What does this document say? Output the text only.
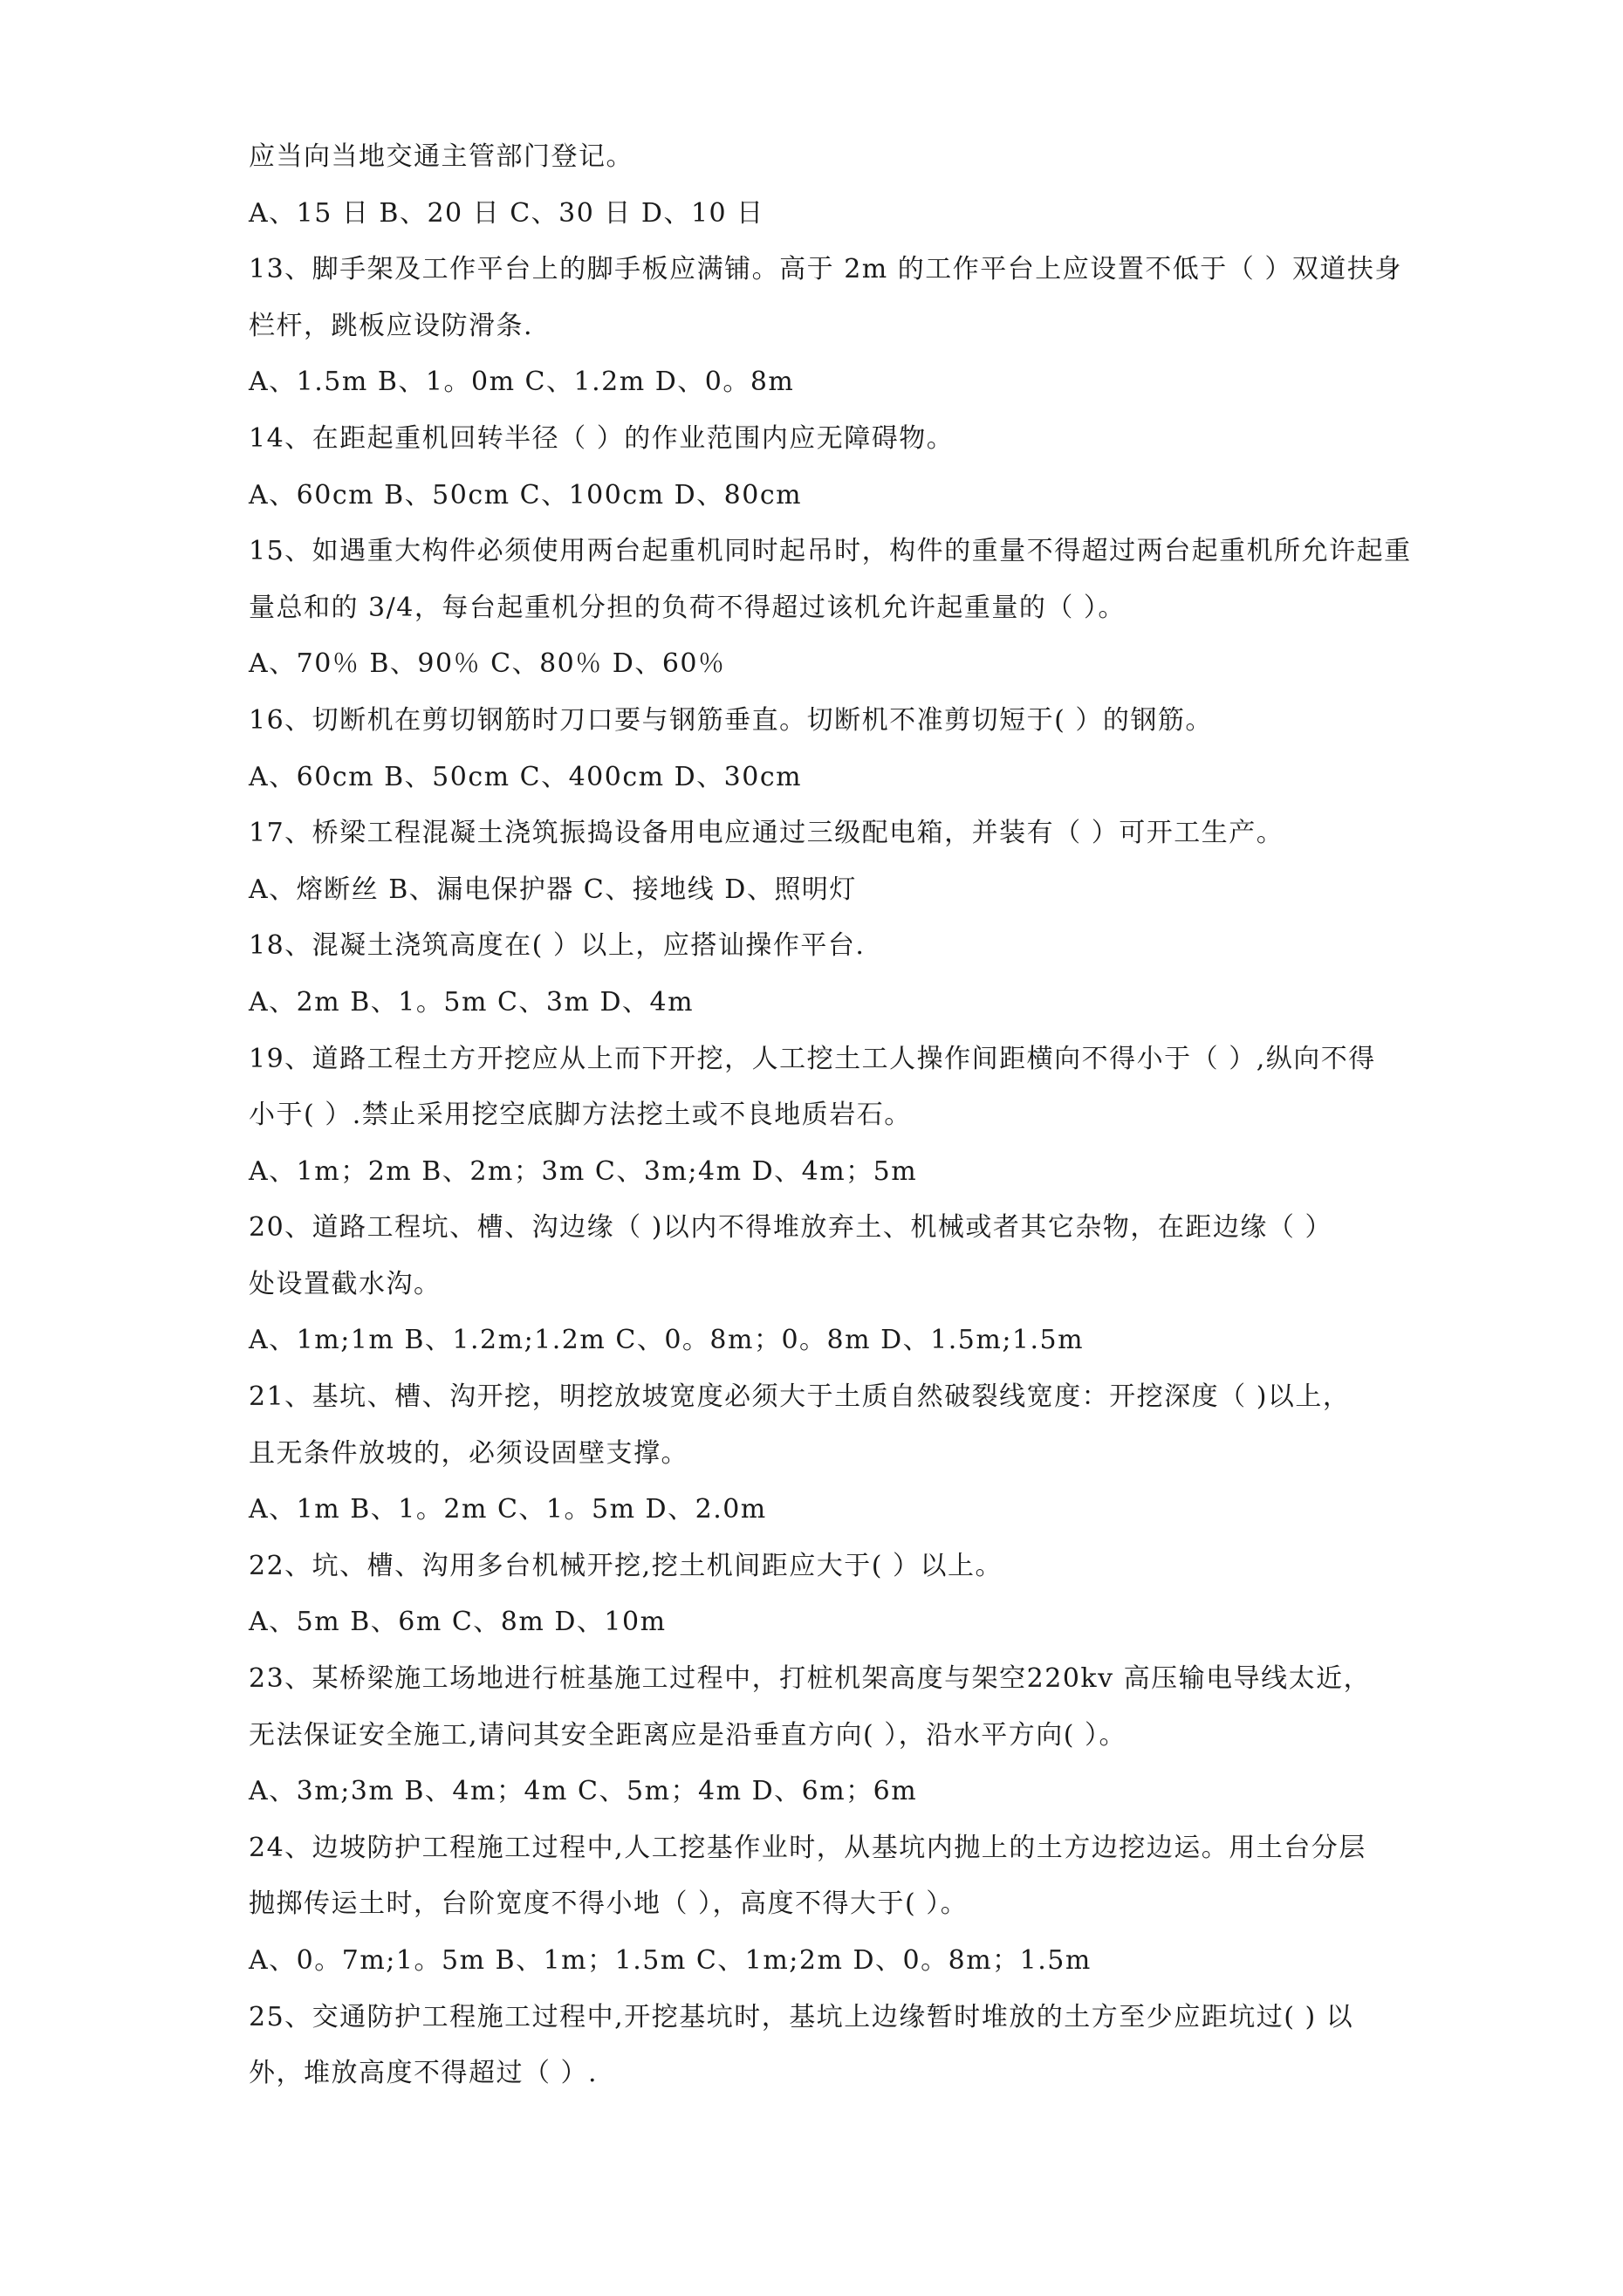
应当向当地交通主管部门登记。
A、15 日 B、20 日 C、30 日 D、10 日
13、脚手架及工作平台上的脚手板应满铺。高于 2m 的工作平台上应设置不低于（ ）双道扶身
栏杆，跳板应设防滑条.
A、1.5m B、1。0m C、1.2m D、0。8m
14、在距起重机回转半径（ ）的作业范围内应无障碍物。
A、60cm B、50cm C、100cm D、80cm
15、如遇重大构件必须使用两台起重机同时起吊时，构件的重量不得超过两台起重机所允许起重
量总和的 3/4，每台起重机分担的负荷不得超过该机允许起重量的（ ）。
A、70％ B、90％ C、80％ D、60％
16、切断机在剪切钢筋时刀口要与钢筋垂直。切断机不准剪切短于( ）的钢筋。
A、60cm B、50cm C、400cm D、30cm
17、桥梁工程混凝土浇筑振捣设备用电应通过三级配电箱，并装有（ ）可开工生产。
A、熔断丝 B、漏电保护器 C、接地线 D、照明灯
18、混凝土浇筑高度在( ）以上，应搭讪操作平台.
A、2m B、1。5m C、3m D、4m
19、道路工程土方开挖应从上而下开挖，人工挖土工人操作间距横向不得小于（ ）,纵向不得
小于( ）.禁止采用挖空底脚方法挖土或不良地质岩石。
A、1m；2m B、2m；3m C、3m;4m D、4m；5m
20、道路工程坑、槽、沟边缘（ )以内不得堆放弃土、机械或者其它杂物，在距边缘（ ）
处设置截水沟。
A、1m;1m B、1.2m;1.2m C、0。8m；0。8m D、1.5m;1.5m
21、基坑、槽、沟开挖，明挖放坡宽度必须大于土质自然破裂线宽度：开挖深度（ )以上，
且无条件放坡的，必须设固壁支撑。
A、1m B、1。2m C、1。5m D、2.0m
22、坑、槽、沟用多台机械开挖,挖土机间距应大于( ）以上。
A、5m B、6m C、8m D、10m
23、某桥梁施工场地进行桩基施工过程中，打桩机架高度与架空220kv 高压输电导线太近，
无法保证安全施工,请问其安全距离应是沿垂直方向( ），沿水平方向( ）。
A、3m;3m B、4m；4m C、5m；4m D、6m；6m
24、边坡防护工程施工过程中,人工挖基作业时，从基坑内抛上的土方边挖边运。用土台分层
抛掷传运土时，台阶宽度不得小地（ ），高度不得大于( ）。
A、0。7m;1。5m B、1m；1.5m C、1m;2m D、0。8m；1.5m
25、交通防护工程施工过程中,开挖基坑时，基坑上边缘暂时堆放的土方至少应距坑过( ) 以
外，堆放高度不得超过（ ）.
